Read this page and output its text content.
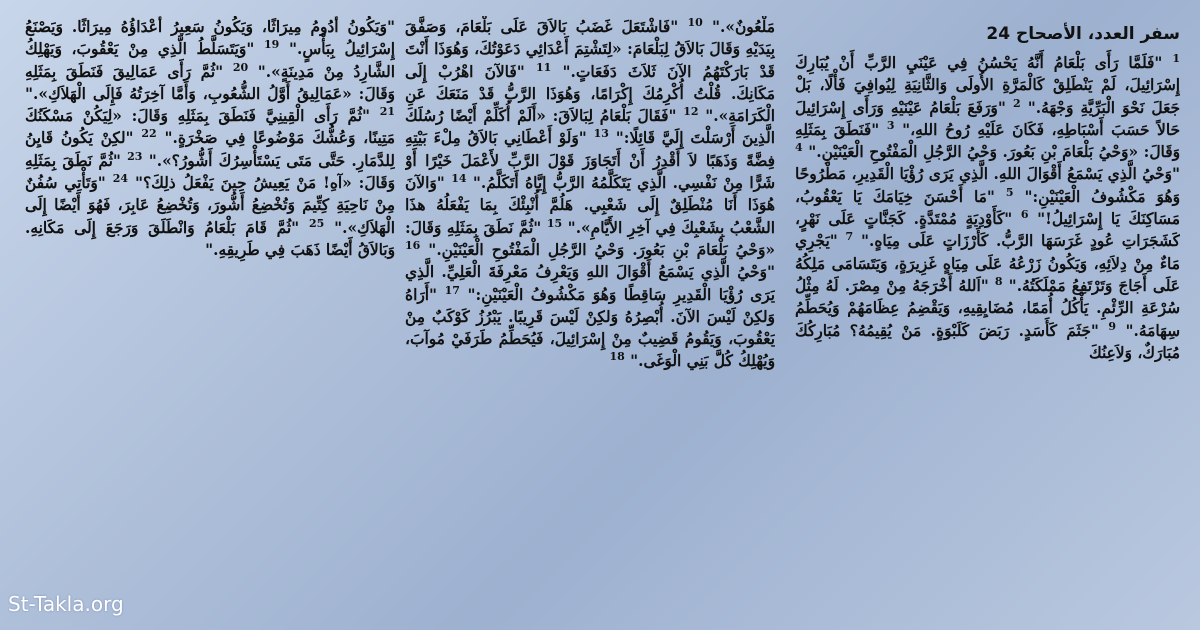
سفر العدد، الأصحاح 24
$^1$ "فَلَمَّا رَأَى بَلْعَامُ أَنَّهُ يَحْسُنُ فِي عَيْنَيِ الرَّبِّ أَنْ يُبَارِكَ إِسْرَائِيلَ، لَمْ يَنْطَلِقْ كَالْمَرَّةِ الأُولَى وَالثَّانِيَةِ لِيُوافِيَ فَأْلًا، بَلْ جَعَلَ نَحْوَ الْبَرِّيَّةِ وَجْهَهُ." $^2$ "وَرَفَعَ بَلْعَامُ عَيْنَيْهِ وَرَأَى إِسْرَائِيلَ حَالاً حَسَبَ أَسْبَاطِهِ، فَكَانَ عَلَيْهِ رُوحُ اللهِ،" $^3$ "فَنَطَقَ بِمَثَلِهِ وَقَالَ: «وَحْيُ بَلْعَامَ بْنِ بَعُورَ. وَحْيُ الرَّجُلِ الْمَفْتُوحِ الْعَيْنَيْنِ." $^4$ "وَحْيُ الَّذِي يَسْمَعُ أَقْوَالَ اللهِ. الَّذِي يَرَى رُؤْيَا الْقَدِيرِ، مَطْرُوحًا وَهُوَ مَكْشُوفُ الْعَيْنَيْنِ:" $^5$ "مَا أَحْسَنَ خِيَامَكَ يَا يَعْقُوبُ، مَسَاكِنَكَ يَا إِسْرَائِيلُ!" $^6$ "كَأَوْدِيَةٍ مُمْتَدَّةٍ. كَجَنَّاتٍ عَلَى نَهْرٍ، كَشَجَرَاتِ عُودٍ غَرَسَهَا الرَّبُّ. كَأَرْزَاتٍ عَلَى مِيَاهٍ." $^7$ "يَجْرِي مَاءٌ مِنْ دِلاَئِهِ، وَيَكُونُ زَرْعُهُ عَلَى مِيَاهٍ غَزِيرَةٍ، وَيَتَسَامَى مَلِكُهُ عَلَى أَجَاجَ وَتَرْتَفِعُ مَمْلَكَتُهُ." $^8$ "اَللهُ أَخْرَجَهُ مِنْ مِصْرَ. لَهُ مِثْلُ سُرْعَةِ الرِّئْمِ. يَأْكُلُ أُمَمًا، مُضَايِقِيهِ، وَيَقْضِمُ عِظَامَهُمْ وَيُحَطِّمُ سِهَامَهُ." $^9$ "جَثَمَ كَأَسَدٍ. رَبَضَ كَلَبْوَةٍ. مَنْ يُقِيمُهُ؟ مُبَارِكُكَ مُبَارَكٌ، وَلاَعِنُكَ
مَلْعُونٌ»." $^{10}$ "فَاشْتَعَلَ غَضَبُ بَالاَقَ عَلَى بَلْعَامَ، وَصَفَّقَ بِيَدَيْهِ وَقَالَ بَالاَقُ لِبَلْعَامَ: «لِتَشْتِمَ أَعْدَائِي دَعَوْتُكَ، وَهُوَذَا أَنْتَ قَدْ بَارَكْتَهُمُ الآنَ ثَلاَثَ دَفَعَاتٍ." $^{11}$ "فَالآنَ اهْرُبْ إِلَى مَكَانِكَ. قُلْتُ أُكْرِمُكَ إِكْرَامًا، وَهُوَذَا الرَّبُّ قَدْ مَنَعَكَ عَنِ الْكَرَامَةِ»." $^{12}$ "فَقَالَ بَلْعَامُ لِبَالاَقَ: «أَلَمْ أُكَلِّمْ أَيْضًا رُسُلَكَ الَّذِينَ أَرْسَلْتَ إِلَيَّ قَائِلًا:" $^{13}$ "وَلَوْ أَعْطَانِي بَالاَقُ مِلْءَ بَيْتِهِ فِضَّةً وَذَهَبًا لاَ أَقْدِرُ أَنْ أَتَجَاوَزَ قَوْلَ الرَّبِّ لأَعْمَلَ خَيْرًا أَوْ شَرًّا مِنْ نَفْسِي. الَّذِي يَتَكَلَّمُهُ الرَّبُّ إِيَّاهُ أَتَكَلَّمُ." $^{14}$ "وَالآنَ هُوَذَا أَنَا مُنْطَلِقٌ إِلَى شَعْبِي. هَلُمَّ أُنْبِئْكَ بِمَا يَفْعَلُهُ هذَا الشَّعْبُ بِشَعْبِكَ فِي آخِرِ الأَيَّامِ»." $^{15}$ "ثُمَّ نَطَقَ بِمَثَلِهِ وَقَالَ: «وَحْيُ بَلْعَامَ بْنِ بَعُورَ. وَحْيُ الرَّجُلِ الْمَفْتُوحِ الْعَيْنَيْنِ." $^{16}$ "وَحْيُ الَّذِي يَسْمَعُ أَقْوَالَ اللهِ وَيَعْرِفُ مَعْرِفَةَ الْعَلِيِّ. الَّذِي يَرَى رُؤْيَا الْقَدِيرِ سَاقِطًا وَهُوَ مَكْشُوفُ الْعَيْنَيْنِ:" $^{17}$ "أَرَاهُ وَلكِنْ لَيْسَ الآنَ. أُبْصِرُهُ وَلكِنْ لَيْسَ قَرِيبًا. يَبْرُزُ كَوْكَبٌ مِنْ يَعْقُوبَ، وَيَقُومُ قَضِيبٌ مِنْ إِسْرَائِيلَ، فَيُحَطِّمُ طَرَفَيْ مُوآبَ، وَيُهْلِكُ كُلَّ بَنِي الْوَغَى." $^{18}$
"وَيَكُونُ أَدُومُ مِيرَاثًا، وَيَكُونُ سَعِيرُ أَعْدَاؤُهُ مِيرَاثًا. وَيَصْنَعُ إِسْرَائِيلُ بِبَأْسٍ." $^{19}$ "وَيَتَسَلَّطُ الَّذِي مِنْ يَعْقُوبَ، وَيَهْلِكُ الشَّارِدُ مِنْ مَدِينَةٍ»." $^{20}$ "ثُمَّ رَأَى عَمَالِيقَ فَنَطَقَ بِمَثَلِهِ وَقَالَ: «عَمَالِيقُ أَوَّلُ الشُّعُوبِ، وَأَمَّا آخِرَتُهُ فَإِلَى الْهَلاَكِ»." $^{21}$ "ثُمَّ رَأَى الْقِينِيَّ فَنَطَقَ بِمَثَلِهِ وَقَالَ: «لِيَكُنْ مَسْكَنُكَ مَتِينًا، وَعُشُّكَ مَوْضُوعًا فِي صَخْرَةٍ." $^{22}$ "لكِنْ يَكُونُ قَايِنُ لِلدَّمَارِ. حَتَّى مَتَى يَسْتَأْسِرُكَ أَشُّورُ؟»." $^{23}$ "ثُمَّ نَطَقَ بِمَثَلِهِ وَقَالَ: «آهِ! مَنْ يَعِيشُ حِينَ يَفْعَلُ ذلِكَ؟" $^{24}$ "وَتَأْتِي سُفُنٌ مِنْ نَاحِيَةِ كِتِّيمَ وَتُخْضِعُ أَشُّورَ، وَتُخْضِعُ عَابِرَ، فَهُوَ أَيْضًا إِلَى الْهَلاَكِ»." $^{25}$ "ثُمَّ قَامَ بَلْعَامُ وَانْطَلَقَ وَرَجَعَ إِلَى مَكَانِهِ. وَبَالاَقُ أَيْضًا ذَهَبَ فِي طَرِيقِهِ."
St-Takla.org
